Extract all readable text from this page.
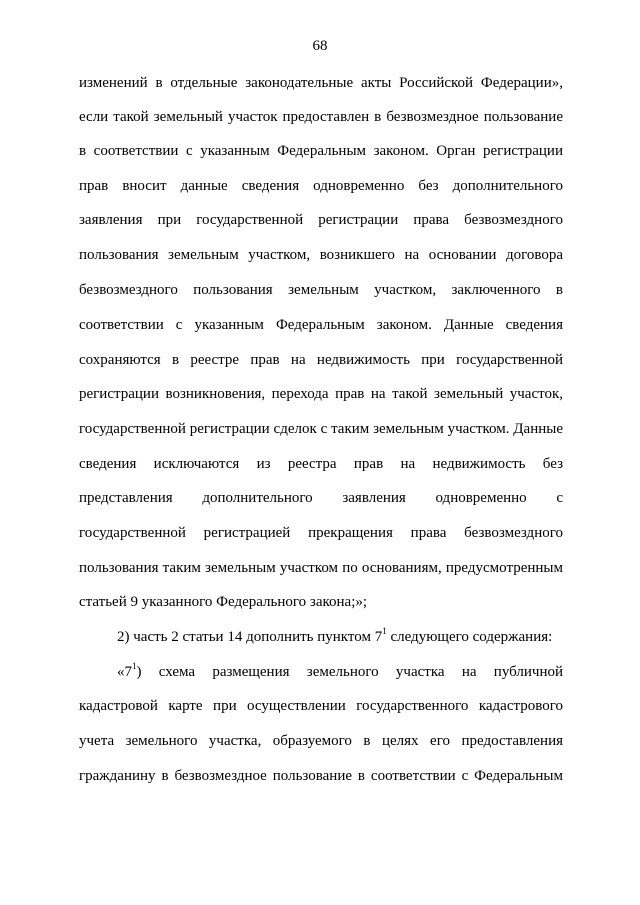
68
изменений в отдельные законодательные акты Российской Федерации»,
если такой земельный участок предоставлен в безвозмездное пользование
в соответствии с указанным Федеральным законом. Орган регистрации
прав вносит данные сведения одновременно без дополнительного
заявления при государственной регистрации права безвозмездного
пользования земельным участком, возникшего на основании договора
безвозмездного пользования земельным участком, заключенного в
соответствии с указанным Федеральным законом. Данные сведения
сохраняются в реестре прав на недвижимость при государственной
регистрации возникновения, перехода прав на такой земельный участок,
государственной регистрации сделок с таким земельным участком. Данные
сведения исключаются из реестра прав на недвижимость без
представления дополнительного заявления одновременно с
государственной регистрацией прекращения права безвозмездного
пользования таким земельным участком по основаниям, предусмотренным
статьей 9 указанного Федерального закона;»;
2) часть 2 статьи 14 дополнить пунктом $7^1$ следующего содержания:
«$7^1$) схема размещения земельного участка на публичной
кадастровой карте при осуществлении государственного кадастрового
учета земельного участка, образуемого в целях его предоставления
гражданину в безвозмездное пользование в соответствии с Федеральным
